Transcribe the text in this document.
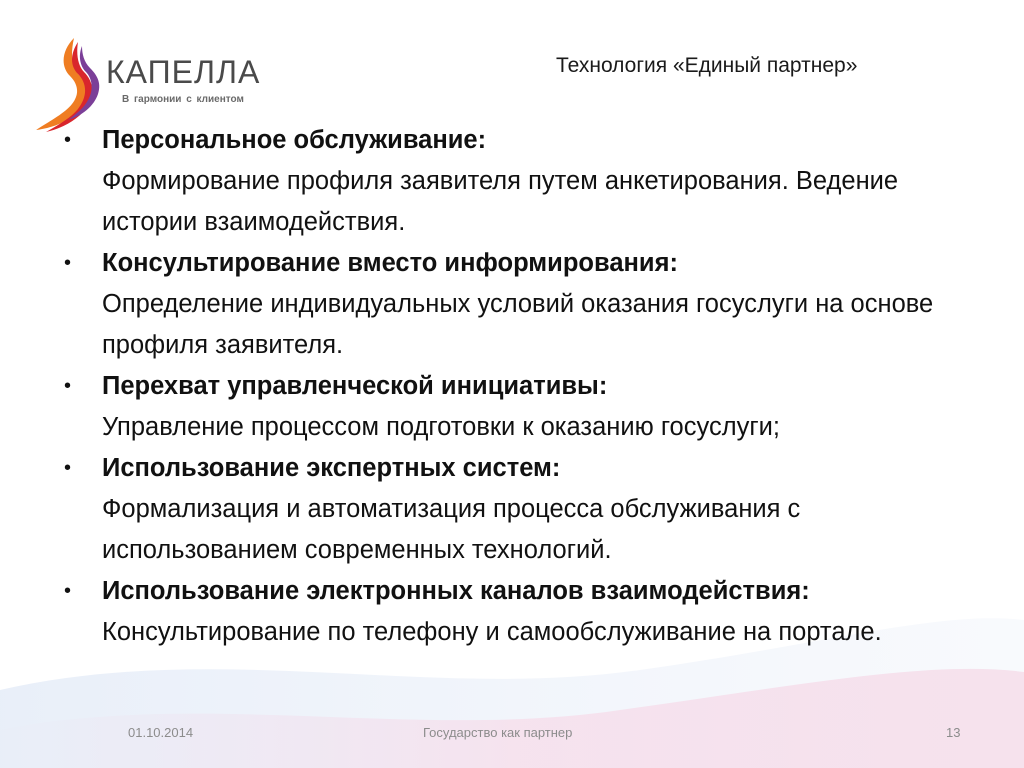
КАПЕЛЛА
В гармонии с клиентом
Технология «Единый партнер»
•	Персональное обслуживание:
Формирование профиля заявителя путем анкетирования. Ведение истории взаимодействия.
•	Консультирование вместо информирования:
Определение индивидуальных условий оказания госуслуги на основе профиля заявителя.
•	Перехват управленческой инициативы:
Управление процессом подготовки к оказанию госуслуги;
•	Использование экспертных систем:
Формализация и автоматизация процесса обслуживания с использованием современных технологий.
•	Использование электронных каналов взаимодействия:
Консультирование по телефону и самообслуживание на портале.
01.10.2014	Государство как партнер	13
